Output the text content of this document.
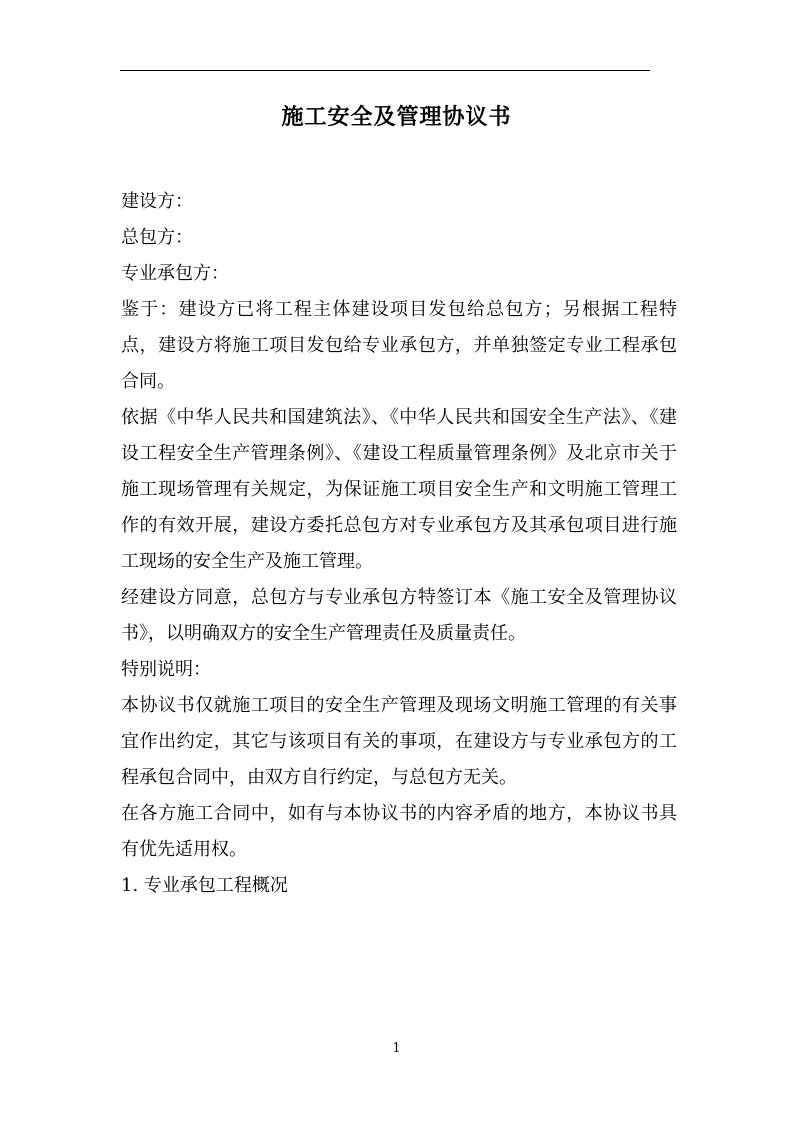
施工安全及管理协议书

建设方：

总包方：

专业承包方：

鉴于：建设方已将工程主体建设项目发包给总包方；另根据工程特点，建设方将施工项目发包给专业承包方，并单独签定专业工程承包合同。

依据《中华人民共和国建筑法》、《中华人民共和国安全生产法》、《建设工程安全生产管理条例》、《建设工程质量管理条例》及北京市关于施工现场管理有关规定，为保证施工项目安全生产和文明施工管理工作的有效开展，建设方委托总包方对专业承包方及其承包项目进行施工现场的安全生产及施工管理。

经建设方同意，总包方与专业承包方特签订本《施工安全及管理协议书》，以明确双方的安全生产管理责任及质量责任。

特别说明：

本协议书仅就施工项目的安全生产管理及现场文明施工管理的有关事宜作出约定，其它与该项目有关的事项，在建设方与专业承包方的工程承包合同中，由双方自行约定，与总包方无关。

在各方施工合同中，如有与本协议书的内容矛盾的地方，本协议书具有优先适用权。

1. 专业承包工程概况

1
